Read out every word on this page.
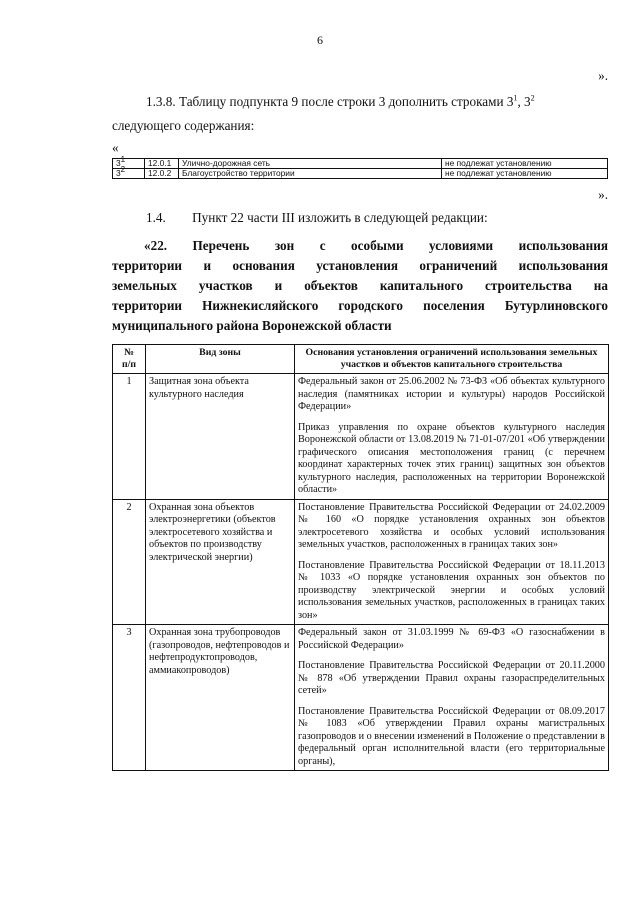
6
».
1.3.8. Таблицу подпункта 9 после строки 3 дополнить строками $3^1$, $3^2$
следующего содержания:
«
$3^1$	12.0.1	Улично-дорожная сеть	не подлежат установлению
$3^2$	12.0.2	Благоустройство территории	не подлежат установлению
».
1.4.        Пункт 22 части III изложить в следующей редакции:
«22. Перечень зон с особыми условиями использования
территории и основания установления ограничений использования
земельных участков и объектов капитального строительства на
территории Нижнекисляйского городского поселения Бутурлиновского
муниципального района Воронежской области
№
п/п	Вид зоны	Основания установления ограничений использования земельных участков и объектов капитального строительства
1	Защитная зона объекта культурного наследия	Федеральный закон от 25.06.2002 № 73-ФЗ «Об объектах культурного наследия (памятниках истории и культуры) народов Российской Федерации»

Приказ управления по охране объектов культурного наследия Воронежской области от 13.08.2019 № 71-01-07/201 «Об утверждении графического описания местоположения границ (с перечнем координат характерных точек этих границ) защитных зон объектов культурного наследия, расположенных на территории Воронежской области»

2	Охранная зона объектов электроэнергетики (объектов электросетевого хозяйства и объектов по производству электрической энергии)	Постановление Правительства Российской Федерации от 24.02.2009 № 160 «О порядке установления охранных зон объектов электросетевого хозяйства и особых условий использования земельных участков, расположенных в границах таких зон»

Постановление Правительства Российской Федерации от 18.11.2013 № 1033 «О порядке установления охранных зон объектов по производству электрической энергии и особых условий использования земельных участков, расположенных в границах таких зон»

3	Охранная зона трубопроводов (газопроводов, нефтепроводов и нефтепродуктопроводов, аммиакопроводов)	Федеральный закон от 31.03.1999 № 69-ФЗ «О газоснабжении в Российской Федерации»

Постановление Правительства Российской Федерации от 20.11.2000 № 878 «Об утверждении Правил охраны газораспределительных сетей»

Постановление Правительства Российской Федерации от 08.09.2017 № 1083 «Об утверждении Правил охраны магистральных газопроводов и о внесении изменений в Положение о представлении в федеральный орган исполнительной власти (его территориальные органы),
